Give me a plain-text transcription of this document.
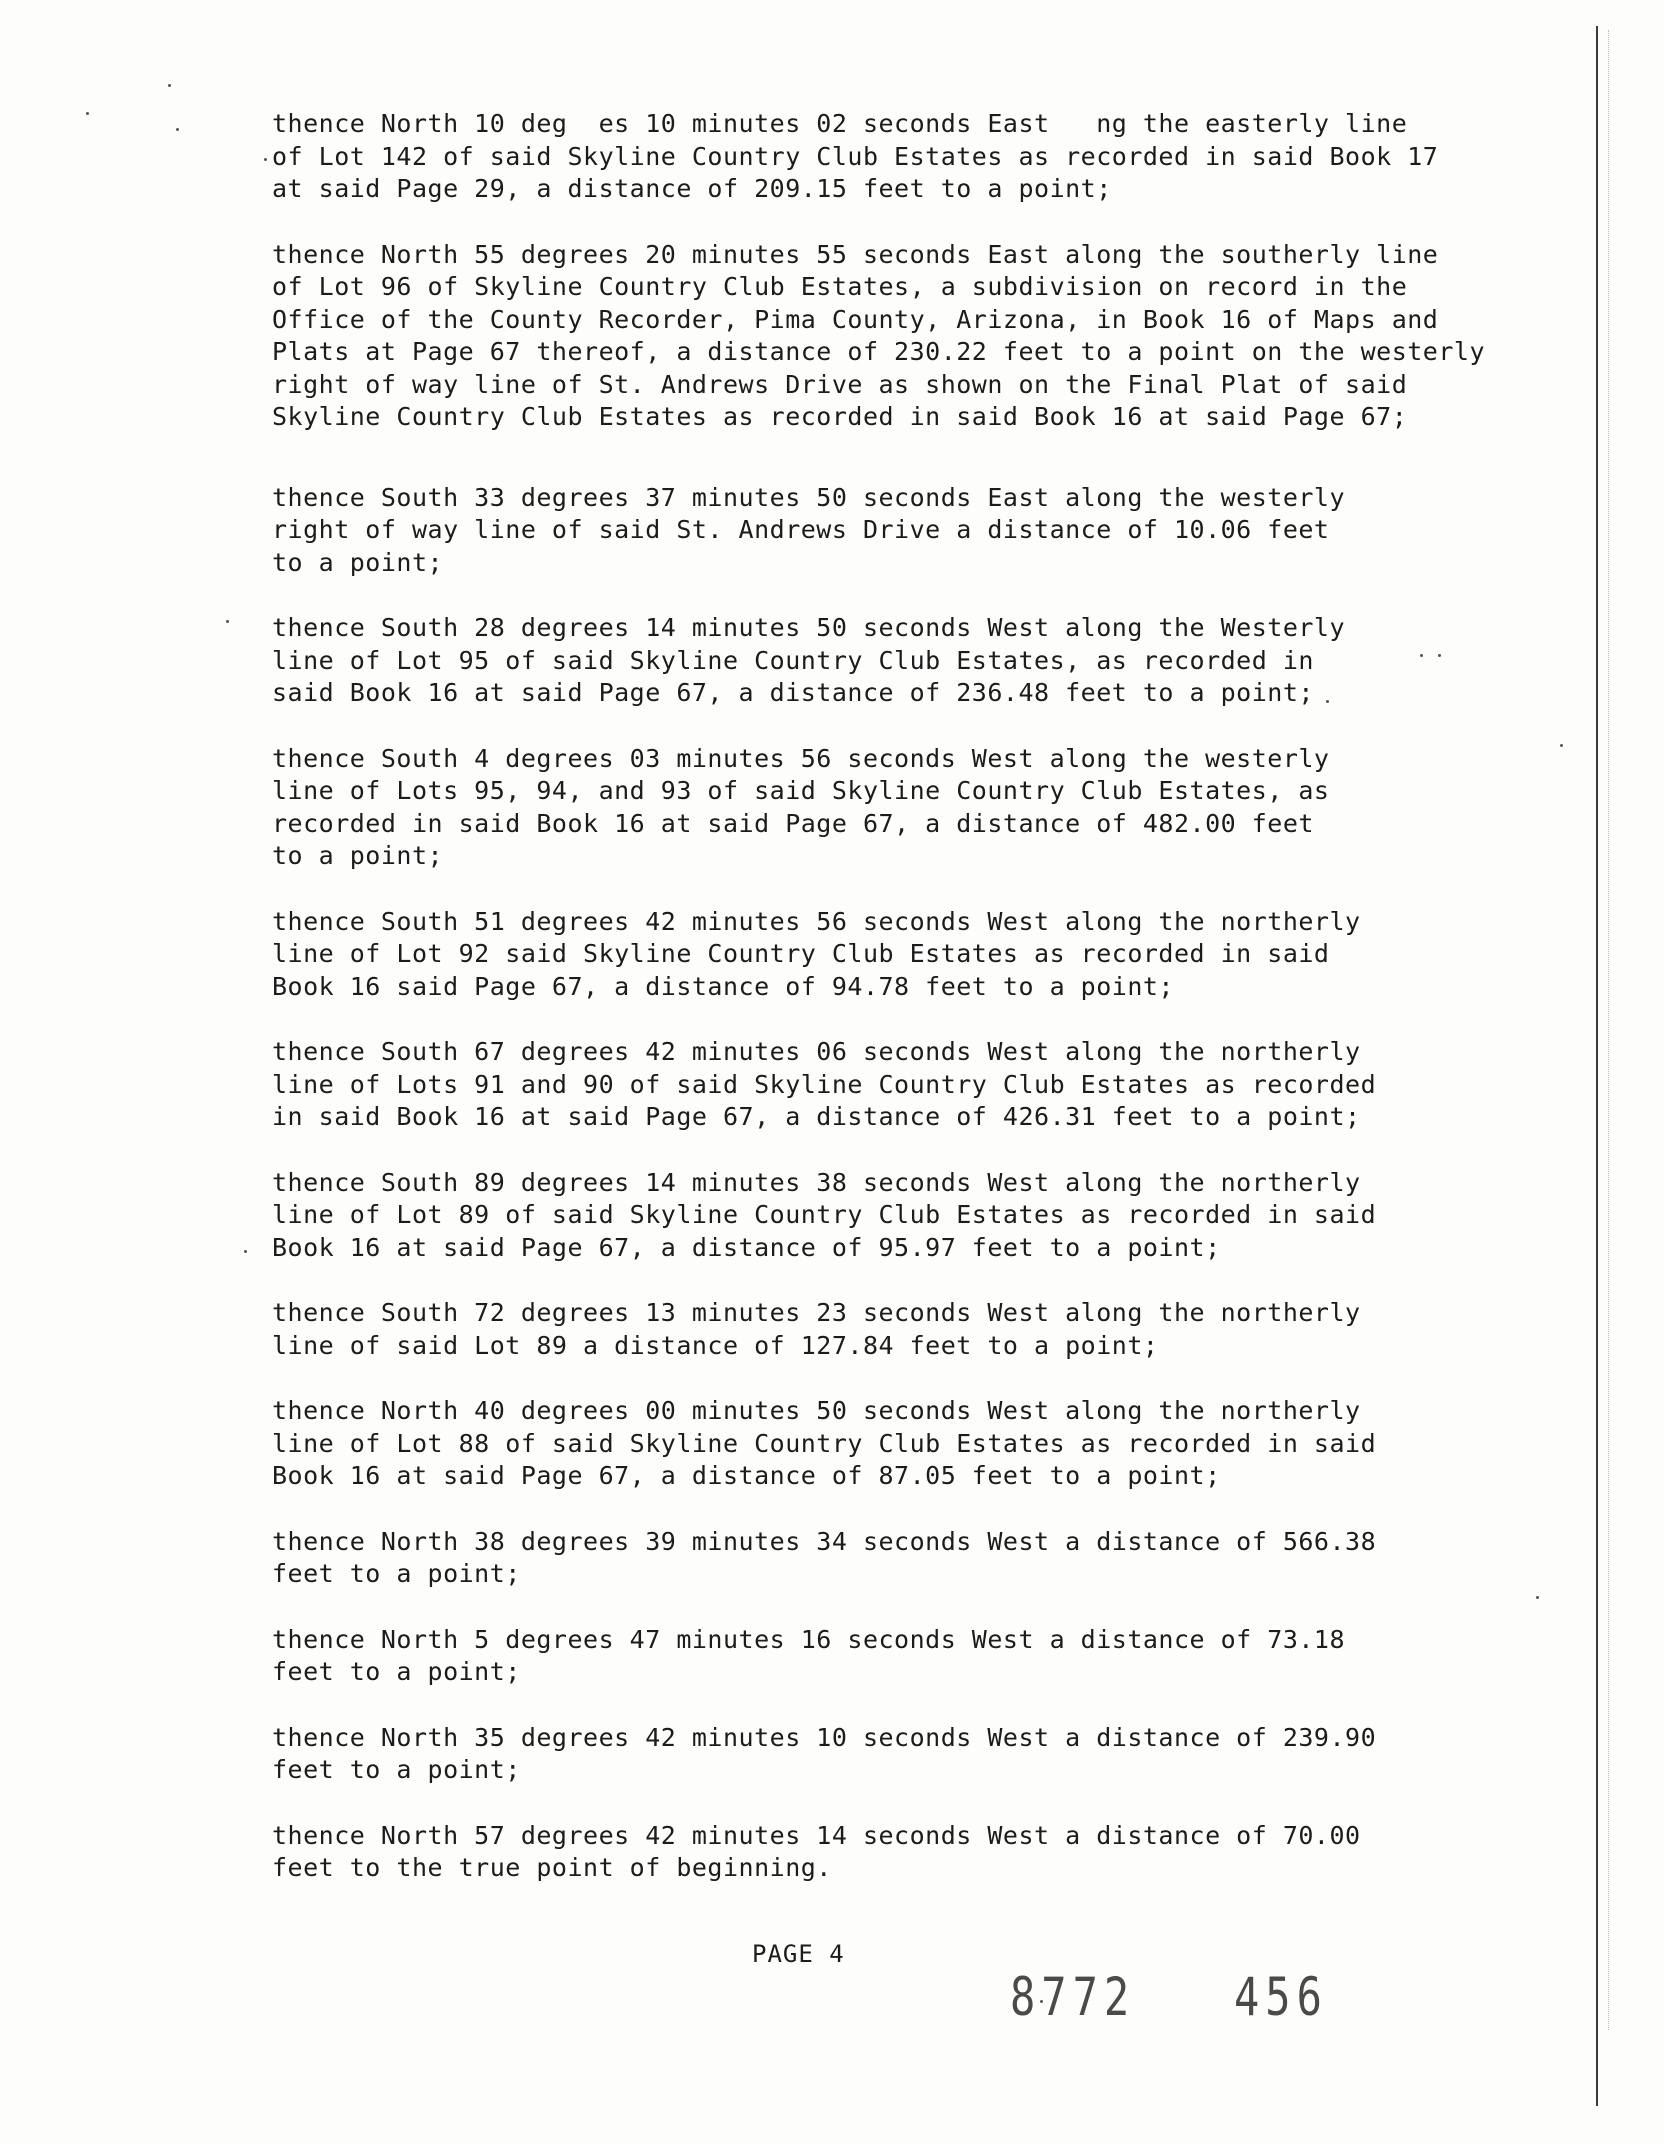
thence North 10 deg  es 10 minutes 02 seconds East   ng the easterly line
of Lot 142 of said Skyline Country Club Estates as recorded in said Book 17
at said Page 29, a distance of 209.15 feet to a point;

thence North 55 degrees 20 minutes 55 seconds East along the southerly line
of Lot 96 of Skyline Country Club Estates, a subdivision on record in the
Office of the County Recorder, Pima County, Arizona, in Book 16 of Maps and
Plats at Page 67 thereof, a distance of 230.22 feet to a point on the westerly
right of way line of St. Andrews Drive as shown on the Final Plat of said
Skyline Country Club Estates as recorded in said Book 16 at said Page 67;

thence South 33 degrees 37 minutes 50 seconds East along the westerly
right of way line of said St. Andrews Drive a distance of 10.06 feet
to a point;

thence South 28 degrees 14 minutes 50 seconds West along the Westerly
line of Lot 95 of said Skyline Country Club Estates, as recorded in
said Book 16 at said Page 67, a distance of 236.48 feet to a point;

thence South 4 degrees 03 minutes 56 seconds West along the westerly
line of Lots 95, 94, and 93 of said Skyline Country Club Estates, as
recorded in said Book 16 at said Page 67, a distance of 482.00 feet
to a point;

thence South 51 degrees 42 minutes 56 seconds West along the northerly
line of Lot 92 said Skyline Country Club Estates as recorded in said
Book 16 said Page 67, a distance of 94.78 feet to a point;

thence South 67 degrees 42 minutes 06 seconds West along the northerly
line of Lots 91 and 90 of said Skyline Country Club Estates as recorded
in said Book 16 at said Page 67, a distance of 426.31 feet to a point;

thence South 89 degrees 14 minutes 38 seconds West along the northerly
line of Lot 89 of said Skyline Country Club Estates as recorded in said
Book 16 at said Page 67, a distance of 95.97 feet to a point;

thence South 72 degrees 13 minutes 23 seconds West along the northerly
line of said Lot 89 a distance of 127.84 feet to a point;

thence North 40 degrees 00 minutes 50 seconds West along the northerly
line of Lot 88 of said Skyline Country Club Estates as recorded in said
Book 16 at said Page 67, a distance of 87.05 feet to a point;

thence North 38 degrees 39 minutes 34 seconds West a distance of 566.38
feet to a point;

thence North 5 degrees 47 minutes 16 seconds West a distance of 73.18
feet to a point;

thence North 35 degrees 42 minutes 10 seconds West a distance of 239.90
feet to a point;

thence North 57 degrees 42 minutes 14 seconds West a distance of 70.00
feet to the true point of beginning.

PAGE 4
8772 456
